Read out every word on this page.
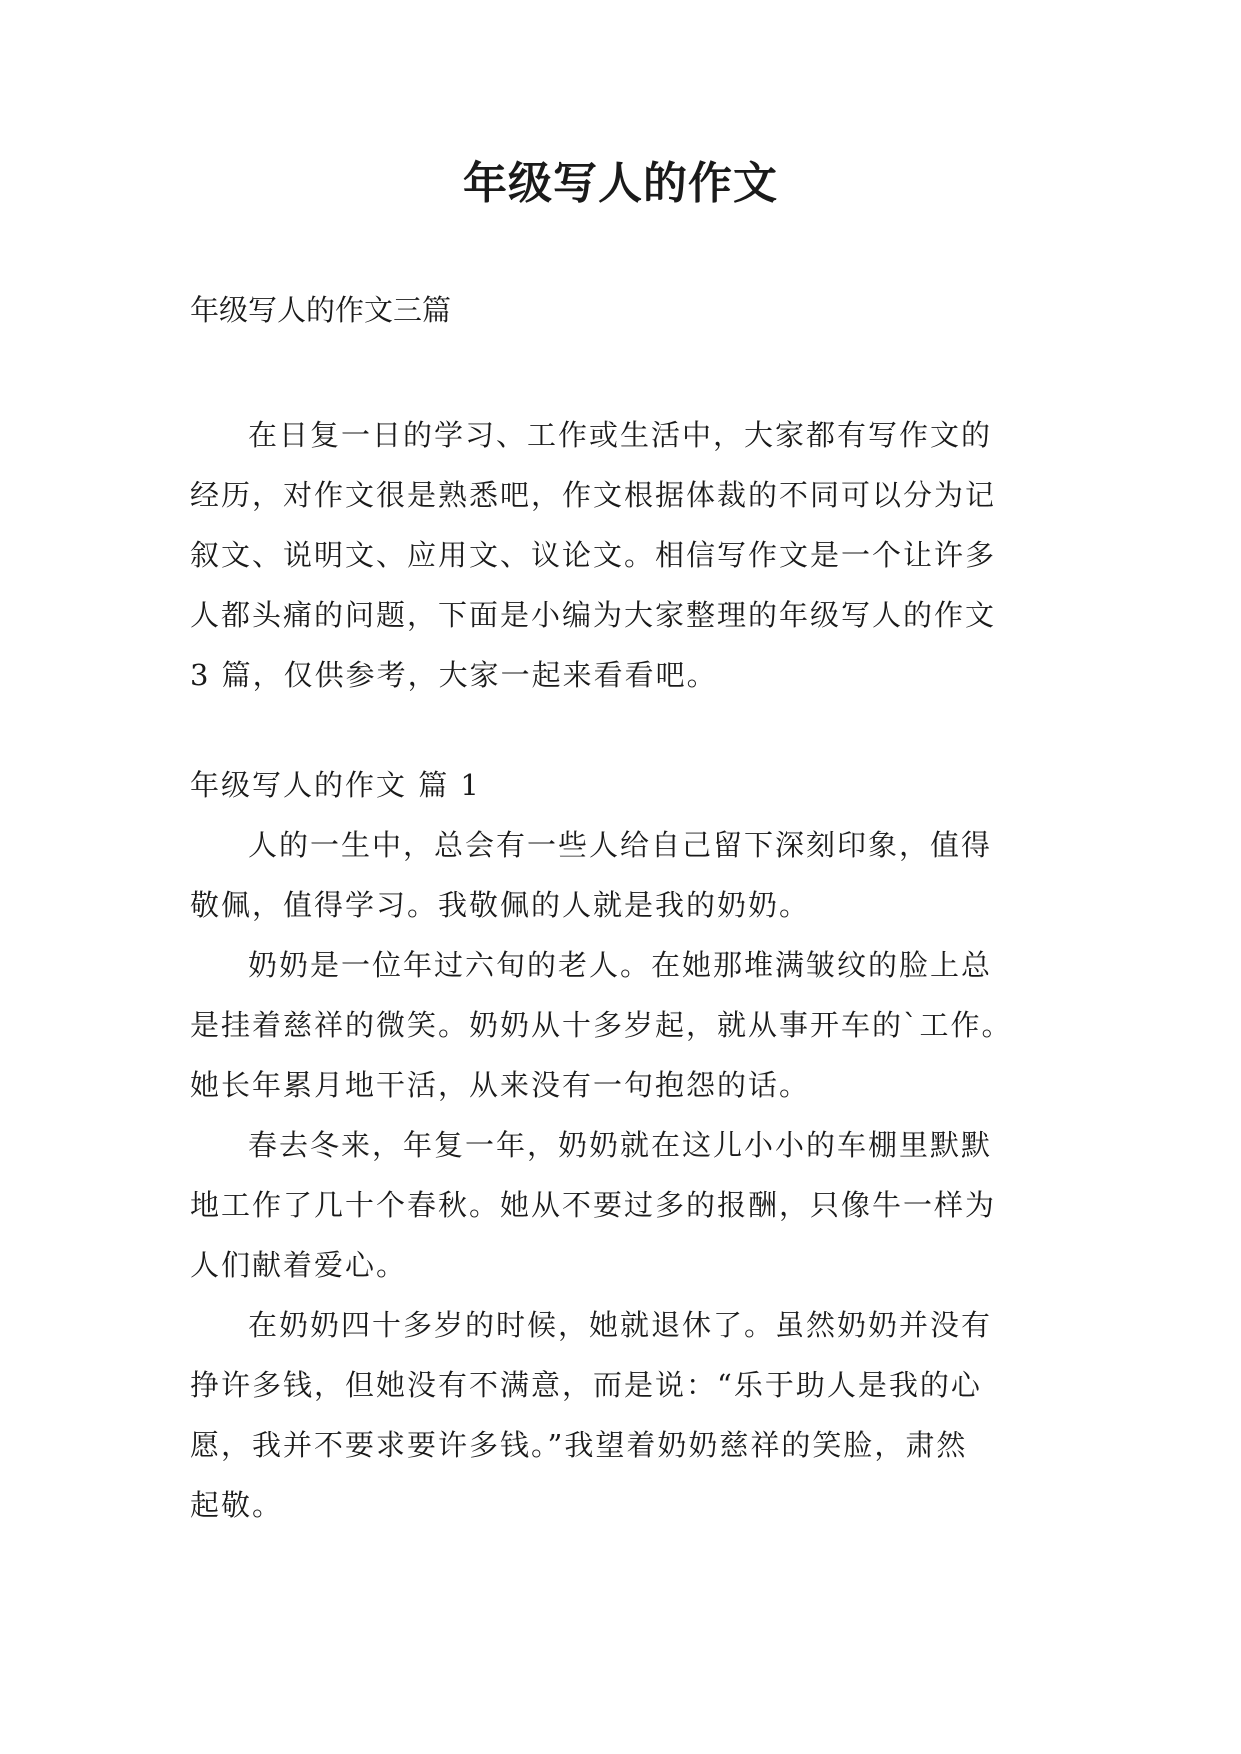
年级写人的作文
年级写人的作文三篇

在日复一日的学习、工作或生活中，大家都有写作文的
经历，对作文很是熟悉吧，作文根据体裁的不同可以分为记
叙文、说明文、应用文、议论文。相信写作文是一个让许多
人都头痛的问题，下面是小编为大家整理的年级写人的作文
3 篇，仅供参考，大家一起来看看吧。

年级写人的作文 篇 1

人的一生中，总会有一些人给自己留下深刻印象，值得
敬佩，值得学习。我敬佩的人就是我的奶奶。

奶奶是一位年过六旬的老人。在她那堆满皱纹的脸上总
是挂着慈祥的微笑。奶奶从十多岁起，就从事开车的`工作。
她长年累月地干活，从来没有一句抱怨的话。

春去冬来，年复一年，奶奶就在这儿小小的车棚里默默
地工作了几十个春秋。她从不要过多的报酬，只像牛一样为
人们献着爱心。

在奶奶四十多岁的时候，她就退休了。虽然奶奶并没有
挣许多钱，但她没有不满意，而是说：“乐于助人是我的心
愿，我并不要求要许多钱。”我望着奶奶慈祥的笑脸，肃然
起敬。
